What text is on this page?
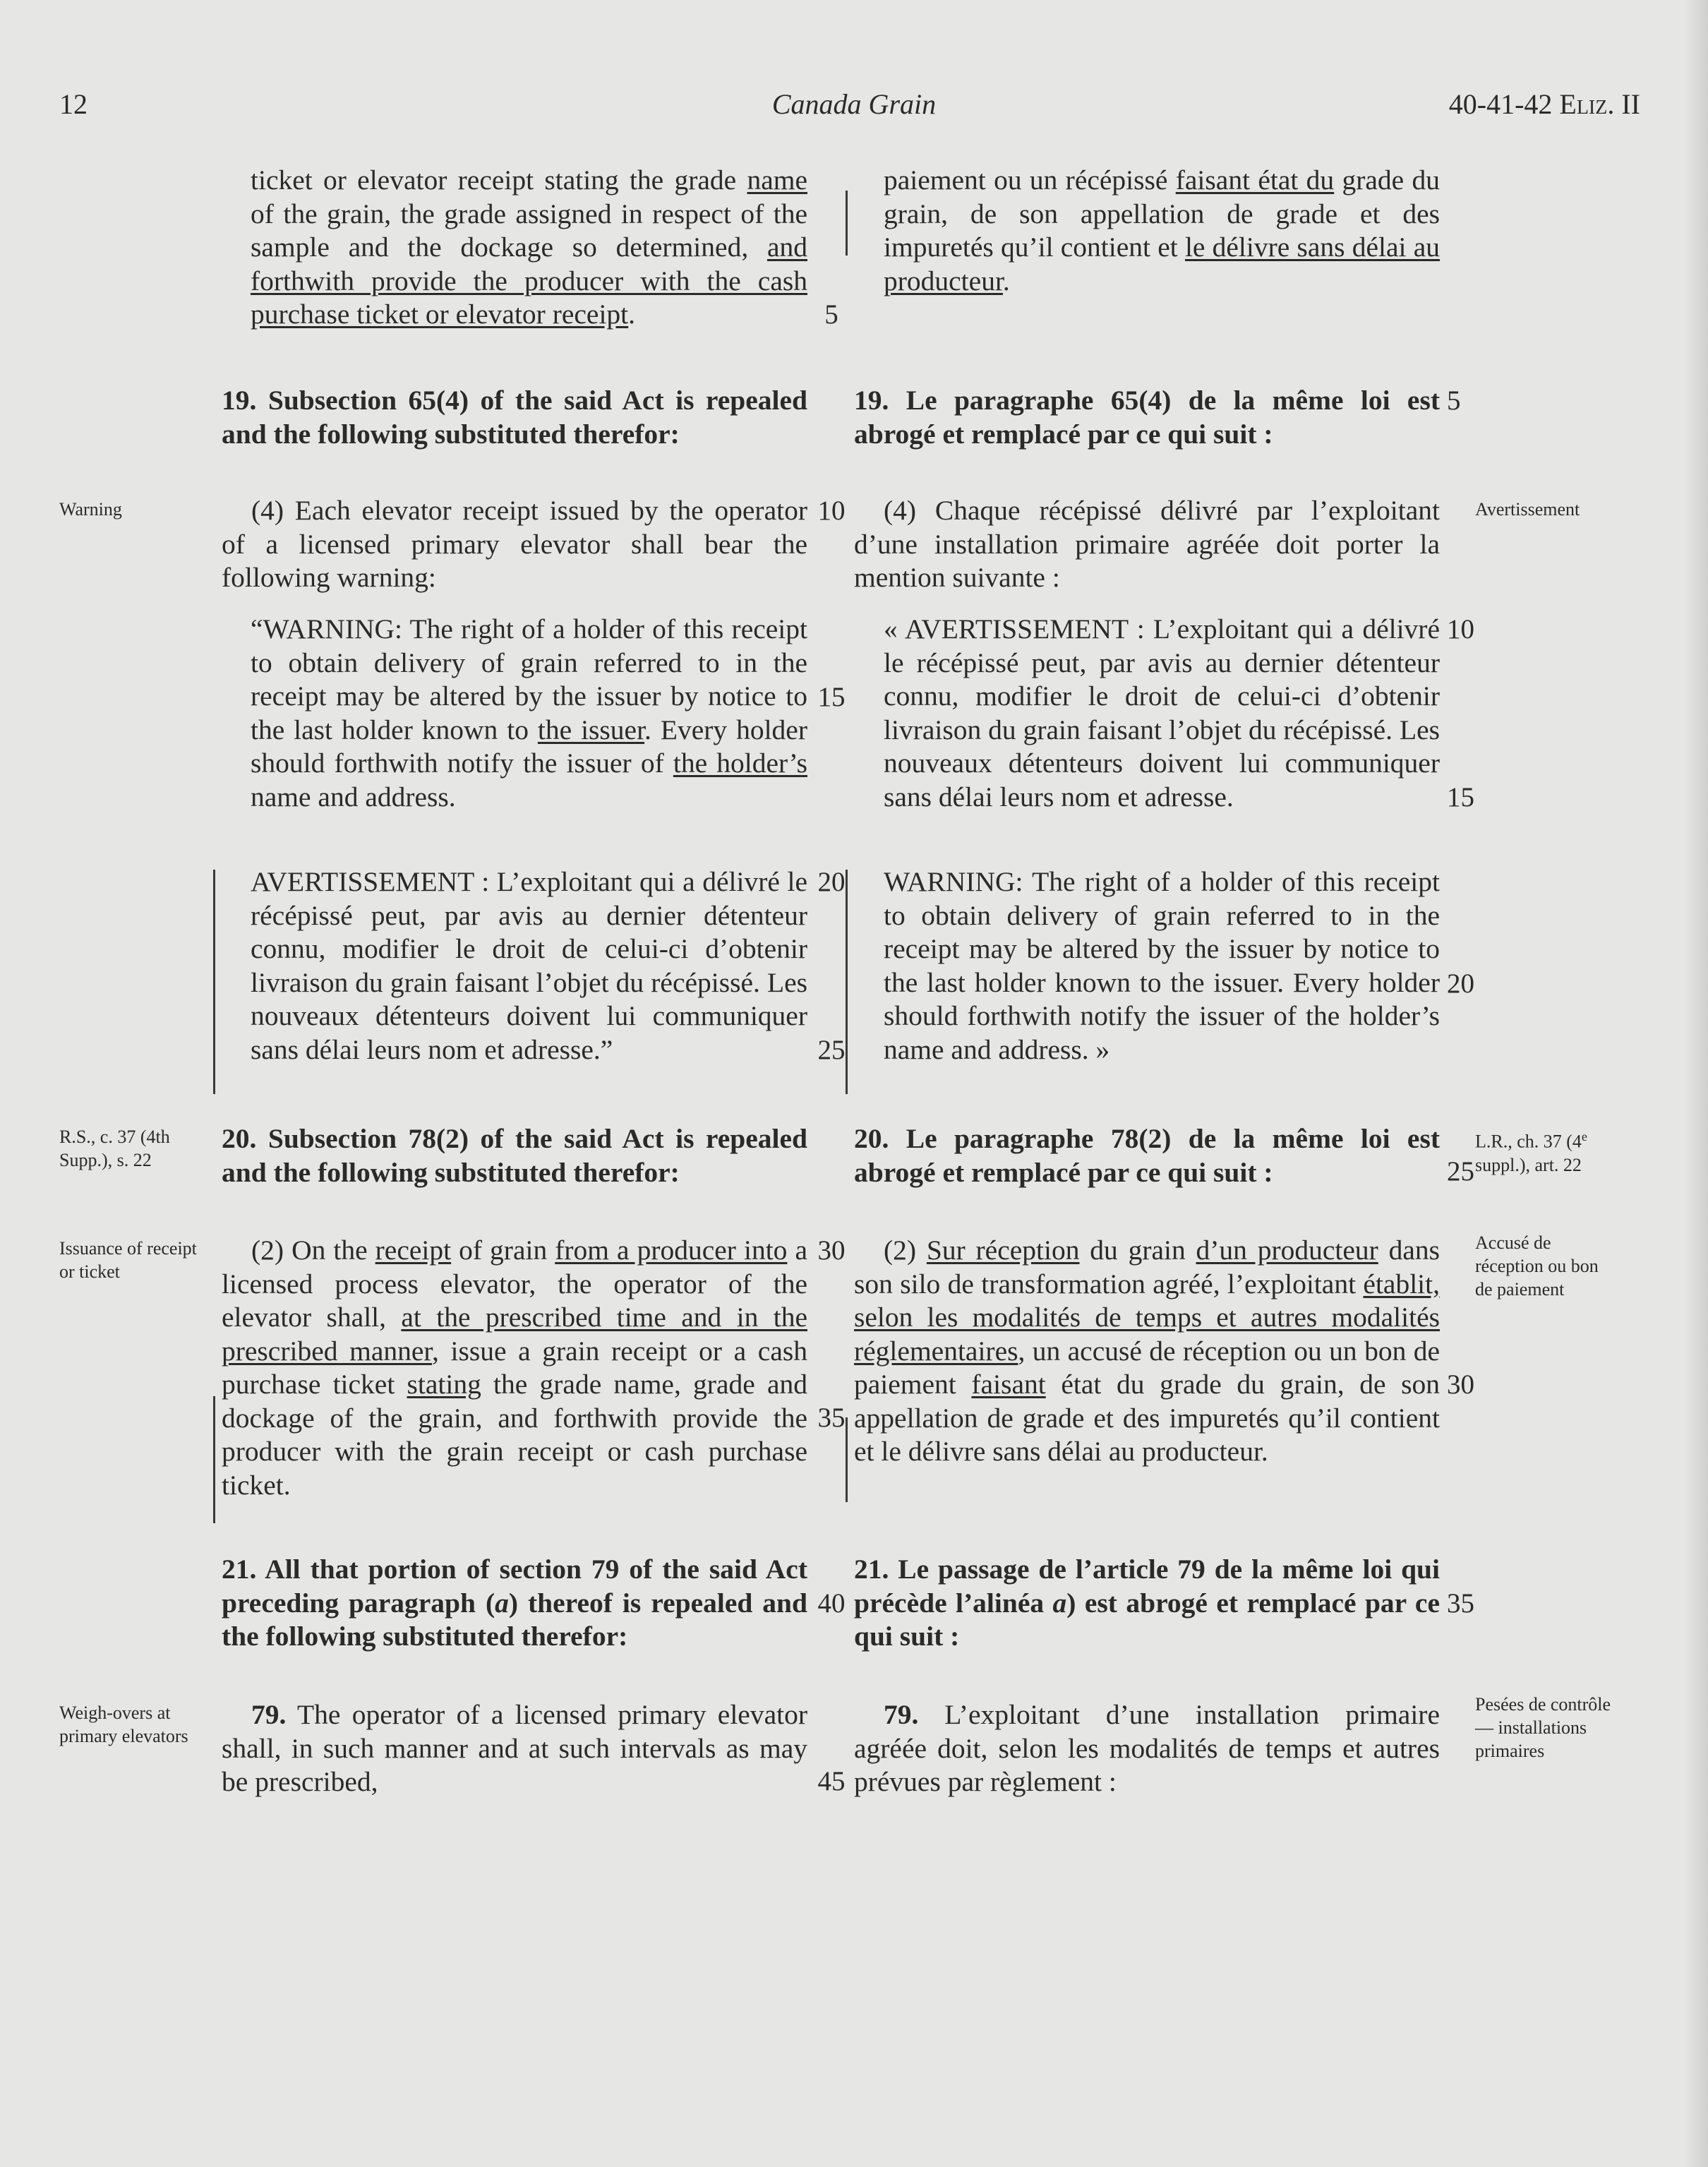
12	Canada Grain	40-41-42 Eliz. II

ticket or elevator receipt stating the grade name of the grain, the grade assigned in respect of the sample and the dockage so determined, and forthwith provide the producer with the cash purchase ticket or elevator receipt.

19. Subsection 65(4) of the said Act is repealed and the following substituted therefor:

(4) Each elevator receipt issued by the operator of a licensed primary elevator shall bear the following warning:

“WARNING: The right of a holder of this receipt to obtain delivery of grain referred to in the receipt may be altered by the issuer by notice to the last holder known to the issuer. Every holder should forthwith notify the issuer of the holder’s name and address.

AVERTISSEMENT : L’exploitant qui a délivré le récépissé peut, par avis au dernier détenteur connu, modifier le droit de celui-ci d’obtenir livraison du grain faisant l’objet du récépissé. Les nouveaux détenteurs doivent lui communiquer sans délai leurs nom et adresse.”

20. Subsection 78(2) of the said Act is repealed and the following substituted therefor:

(2) On the receipt of grain from a producer into a licensed process elevator, the operator of the elevator shall, at the prescribed time and in the prescribed manner, issue a grain receipt or a cash purchase ticket stating the grade name, grade and dockage of the grain, and forthwith provide the producer with the grain receipt or cash purchase ticket.

21. All that portion of section 79 of the said Act preceding paragraph (a) thereof is repealed and the following substituted therefor:

79. The operator of a licensed primary elevator shall, in such manner and at such intervals as may be prescribed,

paiement ou un récépissé faisant état du grade du grain, de son appellation de grade et des impuretés qu’il contient et le délivre sans délai au producteur.

19. Le paragraphe 65(4) de la même loi est abrogé et remplacé par ce qui suit :

(4) Chaque récépissé délivré par l’exploitant d’une installation primaire agréée doit porter la mention suivante :

« AVERTISSEMENT : L’exploitant qui a délivré le récépissé peut, par avis au dernier détenteur connu, modifier le droit de celui-ci d’obtenir livraison du grain faisant l’objet du récépissé. Les nouveaux détenteurs doivent lui communiquer sans délai leurs nom et adresse.

WARNING: The right of a holder of this receipt to obtain delivery of grain referred to in the receipt may be altered by the issuer by notice to the last holder known to the issuer. Every holder should forthwith notify the issuer of the holder’s name and address. »

20. Le paragraphe 78(2) de la même loi est abrogé et remplacé par ce qui suit :

(2) Sur réception du grain d’un producteur dans son silo de transformation agréé, l’exploitant établit, selon les modalités de temps et autres modalités réglementaires, un accusé de réception ou un bon de paiement faisant état du grade du grain, de son appellation de grade et des impuretés qu’il contient et le délivre sans délai au producteur.

21. Le passage de l’article 79 de la même loi qui précède l’alinéa a) est abrogé et remplacé par ce qui suit :

79. L’exploitant d’une installation primaire agréée doit, selon les modalités de temps et autres prévues par règlement :

5
10
15
20
25
30
35
40
45
5
10
15
20
25
30
35
Warning
R.S., c. 37 (4th Supp.), s. 22
Issuance of receipt or ticket
Weigh-overs at primary elevators
Avertissement
L.R., ch. 37 (4e suppl.), art. 22
Accusé de réception ou bon de paiement
Pesées de contrôle — installations primaires
